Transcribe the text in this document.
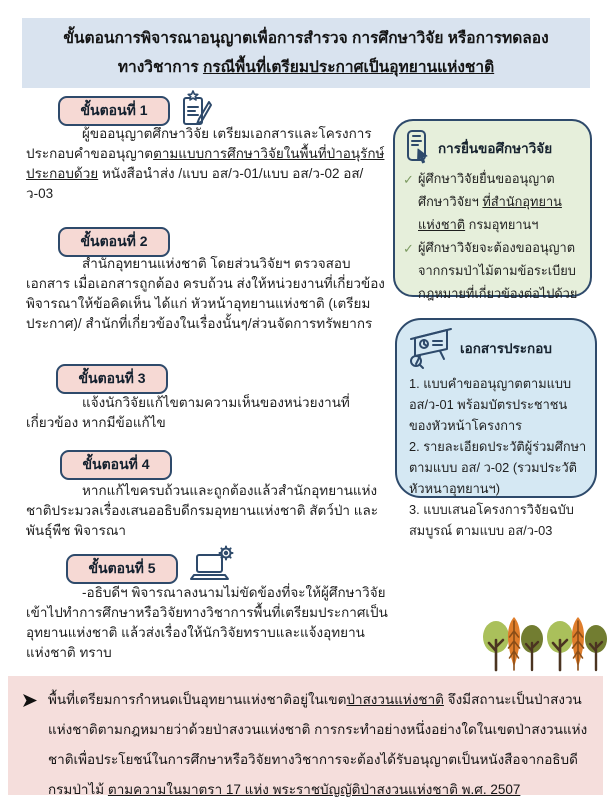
ขั้นตอนการพิจารณาอนุญาตเพื่อการสำรวจ การศึกษาวิจัย หรือการทดลอง
ทางวิชาการ กรณีพื้นที่เตรียมประกาศเป็นอุทยานแห่งชาติ
ขั้นตอนที่ 1

ผู้ขออนุญาตศึกษาวิจัย เตรียมเอกสารและโครงการประกอบคำขออนุญาตตามแบบการศึกษาวิจัยในพื้นที่ป่าอนุรักษ์ ประกอบด้วย หนังสือนำส่ง /แบบ อส/ว-01/แบบ อส/ว-02 อส/ว-03

ขั้นตอนที่ 2

สำนักอุทยานแห่งชาติ โดยส่วนวิจัยฯ ตรวจสอบเอกสาร เมื่อเอกสารถูกต้อง ครบถ้วน ส่งให้หน่วยงานที่เกี่ยวข้องพิจารณาให้ข้อคิดเห็น ได้แก่ หัวหน้าอุทยานแห่งชาติ (เตรียมประกาศ)/ สำนักที่เกี่ยวข้องในเรื่องนั้นๆ/ส่วนจัดการทรัพยากร

ขั้นตอนที่ 3

แจ้งนักวิจัยแก้ไขตามความเห็นของหน่วยงานที่เกี่ยวข้อง หากมีข้อแก้ไข

ขั้นตอนที่ 4

หากแก้ไขครบถ้วนและถูกต้องแล้วสำนักอุทยานแห่งชาติประมวลเรื่องเสนออธิบดีกรมอุทยานแห่งชาติ สัตว์ป่า และพันธุ์พืช พิจารณา

ขั้นตอนที่ 5

-อธิบดีฯ พิจารณาลงนามไม่ขัดข้องที่จะให้ผู้ศึกษาวิจัยเข้าไปทำการศึกษาหรือวิจัยทางวิชาการพื้นที่เตรียมประกาศเป็นอุทยานแห่งชาติ แล้วส่งเรื่องให้นักวิจัยทราบและแจ้งอุทยานแห่งชาติ ทราบ

การยื่นขอศึกษาวิจัย
✓ ผู้ศึกษาวิจัยยื่นขออนุญาตศึกษาวิจัยฯ ที่สำนักอุทยานแห่งชาติ กรมอุทยานฯ
✓ ผู้ศึกษาวิจัยจะต้องขออนุญาตจากกรมป่าไม้ตามข้อระเบียบกฎหมายที่เกี่ยวข้องต่อไปด้วย
เอกสารประกอบ

1. แบบคำขออนุญาตตามแบบ อส/ว-01 พร้อมบัตรประชาชนของหัวหน้าโครงการ

2. รายละเอียดประวัติผู้ร่วมศึกษาตามแบบ อส/ ว-02 (รวมประวัติหัวหนาอุทยานฯ)

3. แบบเสนอโครงการวิจัยฉบับสมบูรณ์ ตามแบบ อส/ว-03

พื้นที่เตรียมการกำหนดเป็นอุทยานแห่งชาติอยู่ในเขตป่าสงวนแห่งชาติ จึงมีสถานะเป็นป่าสงวนแห่งชาติตามกฎหมายว่าด้วยป่าสงวนแห่งชาติ การกระทำอย่างหนึ่งอย่างใดในเขตป่าสงวนแห่งชาติเพื่อประโยชน์ในการศึกษาหรือวิจัยทางวิชาการจะต้องได้รับอนุญาตเป็นหนังสือจากอธิบดีกรมป่าไม้ ตามความในมาตรา 17 แห่ง พระราชบัญญัติป่าสงวนแห่งชาติ พ.ศ. 2507
